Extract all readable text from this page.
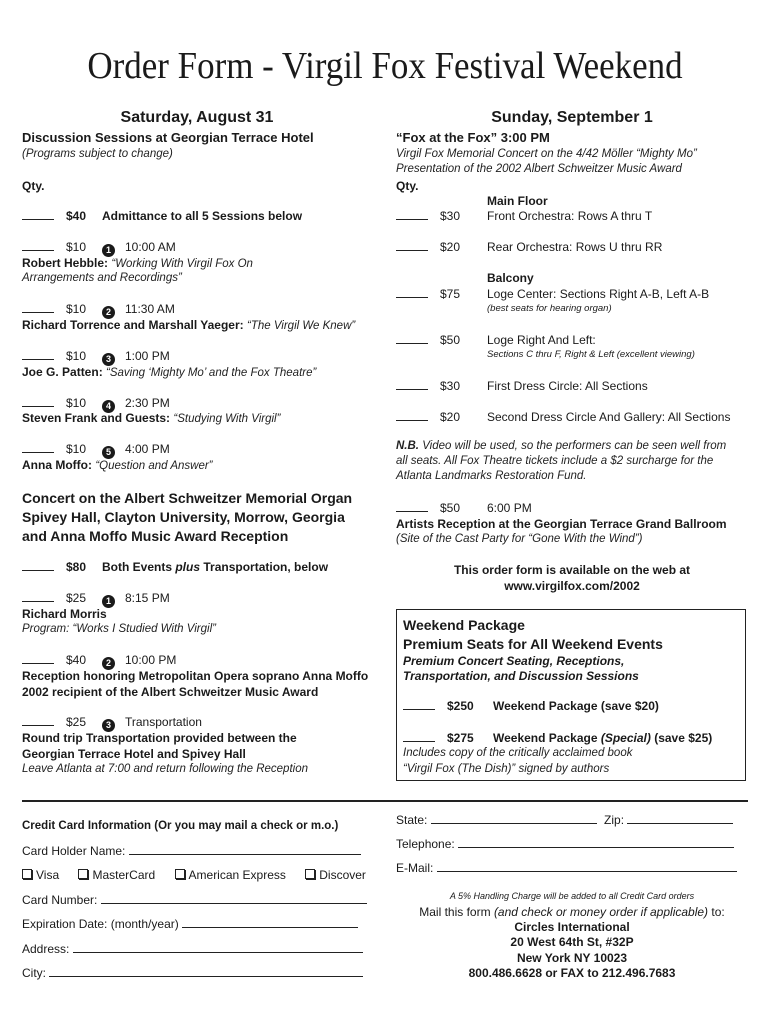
Order Form - Virgil Fox Festival Weekend
Saturday, August 31
Discussion Sessions at Georgian Terrace Hotel
(Programs subject to change)
Qty.
$40 Admittance to all 5 Sessions below
$10 1 10:00 AM
Robert Hebble: “Working With Virgil Fox On
Arrangements and Recordings”
$10 2 11:30 AM
Richard Torrence and Marshall Yaeger: “The Virgil We Knew”
$10 3 1:00 PM
Joe G. Patten: “Saving ‘Mighty Mo’ and the Fox Theatre”
$10 4 2:30 PM
Steven Frank and Guests: “Studying With Virgil”
$10 5 4:00 PM
Anna Moffo: “Question and Answer”
Concert on the Albert Schweitzer Memorial Organ
Spivey Hall, Clayton University, Morrow, Georgia
and Anna Moffo Music Award Reception
$80 Both Events plus Transportation, below
$25 1 8:15 PM
Richard Morris
Program: “Works I Studied With Virgil”
$40 2 10:00 PM
Reception honoring Metropolitan Opera soprano Anna Moffo
2002 recipient of the Albert Schweitzer Music Award
$25 3 Transportation
Round trip Transportation provided between the
Georgian Terrace Hotel and Spivey Hall
Leave Atlanta at 7:00 and return following the Reception
Sunday, September 1
“Fox at the Fox” 3:00 PM
Virgil Fox Memorial Concert on the 4/42 Möller “Mighty Mo”
Presentation of the 2002 Albert Schweitzer Music Award
Qty.
Main Floor
$30 Front Orchestra: Rows A thru T
$20 Rear Orchestra: Rows U thru RR
Balcony
$75 Loge Center: Sections Right A-B, Left A-B
(best seats for hearing organ)
$50 Loge Right And Left:
Sections C thru F, Right & Left (excellent viewing)
$30 First Dress Circle: All Sections
$20 Second Dress Circle And Gallery: All Sections
N.B. Video will be used, so the performers can be seen well from
all seats. All Fox Theatre tickets include a $2 surcharge for the
Atlanta Landmarks Restoration Fund.
$50 6:00 PM
Artists Reception at the Georgian Terrace Grand Ballroom
(Site of the Cast Party for “Gone With the Wind”)
This order form is available on the web at
www.virgilfox.com/2002
Weekend Package
Premium Seats for All Weekend Events
Premium Concert Seating, Receptions,
Transportation, and Discussion Sessions
$250 Weekend Package (save $20)
$275 Weekend Package (Special) (save $25)
Includes copy of the critically acclaimed book
“Virgil Fox (The Dish)” signed by authors
Credit Card Information (Or you may mail a check or m.o.)
Card Holder Name:
Visa	MasterCard	American Express	Discover
Card Number:
Expiration Date: (month/year)
Address:
City:
State:	Zip:
Telephone:
E-Mail:
A 5% Handling Charge will be added to all Credit Card orders
Mail this form (and check or money order if applicable) to:
Circles International
20 West 64th St, #32P
New York NY 10023
800.486.6628 or FAX to 212.496.7683
